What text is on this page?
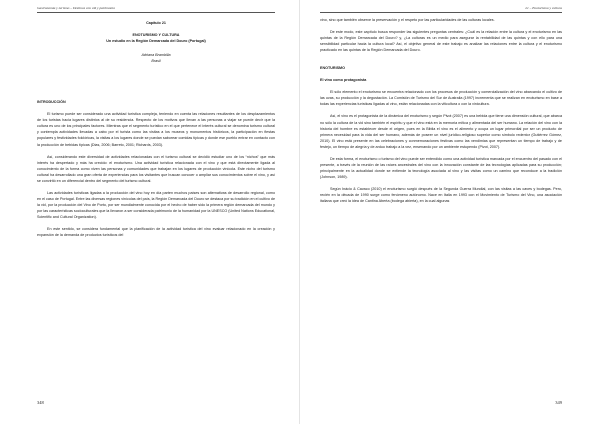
Gastronomía y turismo – Destinos con vid y patrimonio

Capítulo 21

ENOTURISMO Y CULTURA

Un estudio en la Región Demarcada del Douro (Portugal)

Adriana Brambilla

Brasil

INTRODUCCIÓN

El turismo puede ser considerado una actividad turística compleja, teniendo en cuenta las relaciones resultantes de los desplazamientos de los turistas hacia lugares distintos al de su residencia. Respecto de los motivos que llevan a las personas a viajar se puede decir que la cultura es uno de los principales factores. Mientras que el segmento turístico en el que pertenece el interés cultural se denomina turismo cultural y contempla actividades llevadas a cabo por el turista como las visitas a los museos y monumentos históricos, la participación en fiestas populares y festividades folclóricas, la visitas a los lugares donde se puedan saborear comidas típicas y donde ese pueblo entrar en contacto con la producción de bebidas típicas (Dias, 2006; Barreto, 2001; Richards, 2003).

Así, considerando este diversidad de actividades relacionadas con el turismo cultural se decidió estudiar uno de los “nichos” que más interés ha despertado y más ha crecido: el enoturismo. Una actividad turística relacionada con el vino y que está directamente ligada al conocimiento de la forma como viven las personas y comunidades que trabajan en los lugares de producción vinícola. Este nicho del turismo cultural ha desarrollado una gran oferta de experiencias para los visitantes que buscan conocer o ampliar sus conocimientos sobre el vino, y así se convirtió en un diferencial dentro del segmento del turismo cultural.

Las actividades turísticas ligadas a la producción del vino hoy en día parten muchos países son alternativas de desarrollo regional, como en el caso de Portugal. Entre las diversas regiones vinícolas del país, la Región Demarcada del Douro se destaca por su tradición en el cultivo de la vid, por la producción del Vino de Porto, por ser mundialmente conocida por el hecho de haber sido la primera región demarcada del mundo y por las características socioculturales que la llevaron a ser considerada patrimonio de la humanidad por la UNESCO (United Nations Educational, Scientific and Cultural Organization).

En este sentido, se considera fundamental que la planificación de la actividad turística del vino evaluar relacionado en la creación y expansión de la demanda de productos turísticos del

348
21 – Enoturismo y cultura

vino, sino que también observe la preservación y el respeto por las particularidades de las culturas locales.

De este modo, este capítulo busca responder las siguientes preguntas centrales: ¿Cuál es la relación entre la cultura y el enoturismo en las quintas de la Región Demarcada del Douro? y, ¿La culturas es un medio para asegurar la rentabilidad de las quintas y con ello para una sensibilidad particular hacia la cultura local? Así, el objetivo general de este trabajo es analizar las relaciones entre la cultura y el enoturismo practicado en las quintas de la Región Demarcada del Douro.

ENOTURISMO

El vino como protagonista

El sólo elemento el enoturismo se encuentra relacionado con los procesos de producción y comercialización del vino abarcando el cultivo de las uvas, su producción y la degustación. La Comisión de Turismo del Sur de Australia (1997) incrementa que se realizan en enoturismo en base a todas las experiencias turísticas ligadas al vino, están relacionadas con la viticultura o con la vinicultura.

Así, el vino es el protagonista de la dinámica del enoturismo y según Pivot (2007) es una bebida que tiene una dimensión cultural, que abarca no sólo la cultura de la vid sino también el espíritu y que el vino está en la memoria mítica y alimentada del ser humano. La relación del vino con la historia del hombre es establecer desde el origen, pues en la Biblia el vino es el alimento y ocupa un lugar primordial por ser un producto de primera necesidad para la vida del ser humano, además de poseer un nivel jurídico-religioso superior como símbolo redentor (Gutiérrez Gómez, 2010). El vino está presente en las celebraciones y conmemoraciones festivas como las vendimias que representan un tiempo de trabajo y de festejo, un tiempo de alegría y de arduo trabajo a la vez, ensenando por un ambiente estupendo (Pivot, 2007).

De esta forma, el enoturismo o turismo del vino puede ser entendido como una actividad turística marcada por el encuentro del pasado con el presente, a través de la reunión de las raíces ancestrales del vino con la innovación constante de las tecnologías aplicadas para su producción; principalmente en la actualidad donde se extiende la tecnología asociada al vino y las visitas como un camino que reconduce a la tradición (Johnson, 1989).

Según Inácio & Cavaco (2010) el enoturismo surgió después de la Segunda Guerra Mundial, con las visitas a las caves y bodegas. Pero, recién en la década de 1990 surge como fenómeno autónomo. Nace en Italia en 1993 con el Movimiento de Turismo del Vino, una asociación italiana que creó la idea de Cantina Aberta (bodega abierta), en la cual algunas

349
